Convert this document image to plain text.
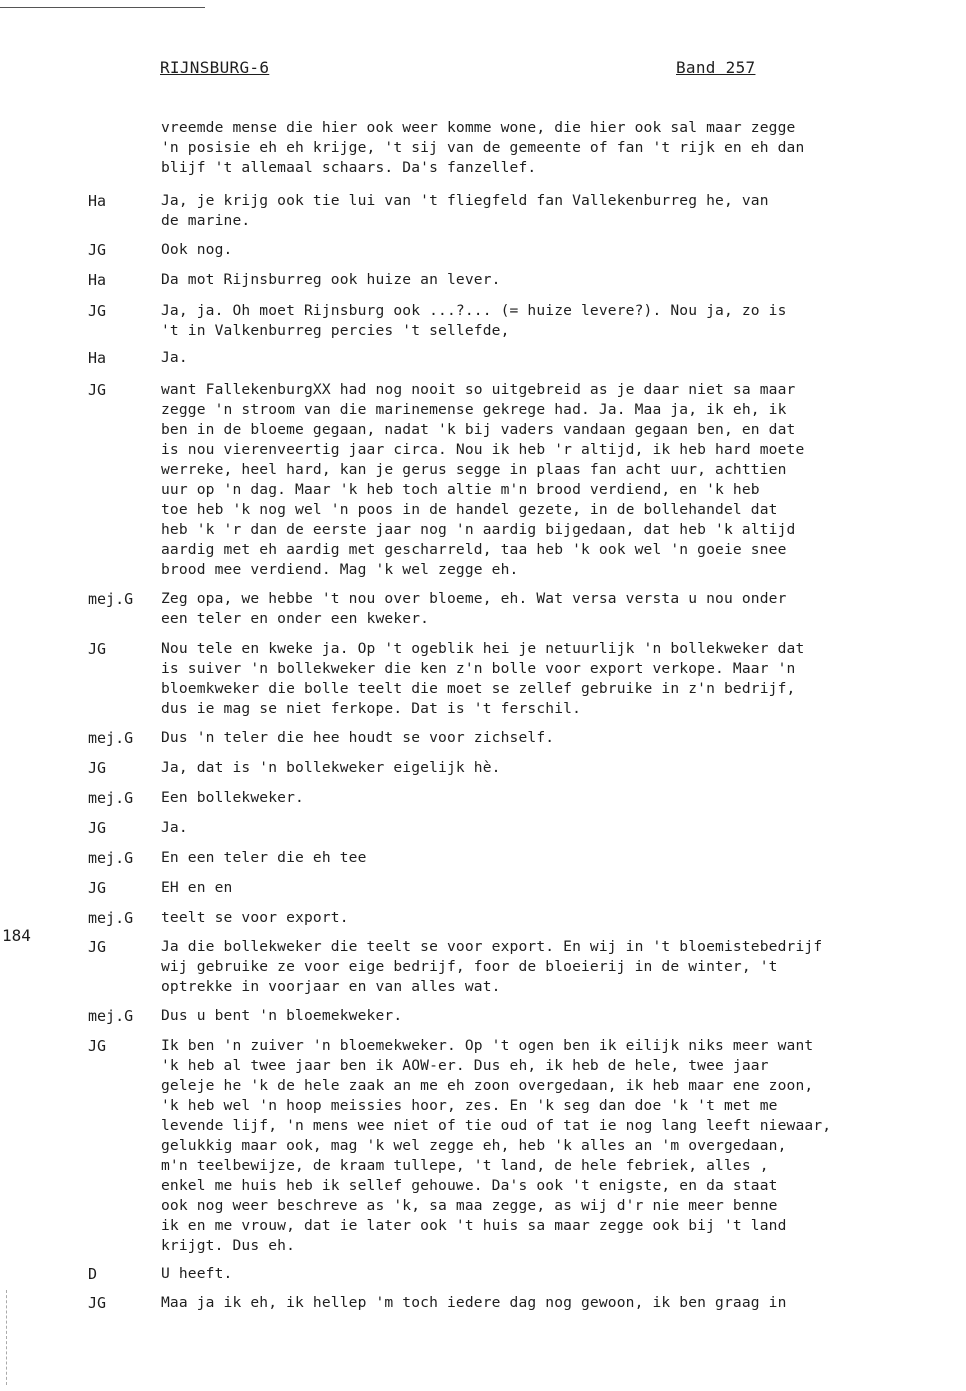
RIJNSBURG-6	Band 257
184
vreemde mense die hier ook weer komme wone, die hier ook sal maar zegge
'n posisie eh eh krijge, 't sij van de gemeente of fan 't rijk en eh dan
blijf 't allemaal schaars. Da's fanzellef.
Ha	Ja, je krijg ook tie lui van 't fliegfeld fan Vallekenburreg he, van
de marine.
JG	Ook nog.
Ha	Da mot Rijnsburreg ook huize an lever.
JG	Ja, ja. Oh moet Rijnsburg ook ...?... (= huize levere?). Nou ja, zo is
't in Valkenburreg percies 't sellefde,
Ha	Ja.
JG	want FallekenburgXX had nog nooit so uitgebreid as je daar niet sa maar
zegge 'n stroom van die marinemense gekrege had. Ja. Maa ja, ik eh, ik
ben in de bloeme gegaan, nadat 'k bij vaders vandaan gegaan ben, en dat
is nou vierenveertig jaar circa. Nou ik heb 'r altijd, ik heb hard moete
werreke, heel hard, kan je gerus segge in plaas fan acht uur, achttien
uur op 'n dag. Maar 'k heb toch altie m'n brood verdiend, en 'k heb
toe heb 'k nog wel 'n poos in de handel gezete, in de bollehandel dat
heb 'k 'r dan de eerste jaar nog 'n aardig bijgedaan, dat heb 'k altijd
aardig met eh aardig met gescharreld, taa heb 'k ook wel 'n goeie snee
brood mee verdiend. Mag 'k wel zegge eh.
mej.G Zeg opa, we hebbe 't nou over bloeme, eh. Wat versa versta u nou onder
een teler en onder een kweker.
JG	Nou tele en kweke ja. Op 't ogeblik hei je netuurlijk 'n bollekweker dat
is suiver 'n bollekweker die ken z'n bolle voor export verkope. Maar 'n
bloemkweker die bolle teelt die moet se zellef gebruike in z'n bedrijf,
dus ie mag se niet ferkope. Dat is 't ferschil.
mej.G Dus 'n teler die hee houdt se voor zichself.
JG	Ja, dat is 'n bollekweker eigelijk hè.
mej.G Een bollekweker.
JG	Ja.
mej.G En een teler die eh tee
JG	EH en en
mej.G teelt se voor export.
JG	Ja die bollekweker die teelt se voor export. En wij in 't bloemistebedrijf
wij gebruike ze voor eige bedrijf, foor de bloeierij in de winter, 't
optrekke in voorjaar en van alles wat.
mej.G Dus u bent 'n bloemekweker.
JG	Ik ben 'n zuiver 'n bloemekweker. Op 't ogen ben ik eilijk niks meer want
'k heb al twee jaar ben ik AOW-er. Dus eh, ik heb de hele, twee jaar
geleje he 'k de hele zaak an me eh zoon overgedaan, ik heb maar ene zoon,
'k heb wel 'n hoop meissies hoor, zes. En 'k seg dan doe 'k 't met me
levende lijf, 'n mens wee niet of tie oud of tat ie nog lang leeft niewaar,
gelukkig maar ook, mag 'k wel zegge eh, heb 'k alles an 'm overgedaan,
m'n teelbewijze, de kraam tullepe, 't land, de hele febriek, alles ,
enkel me huis heb ik sellef gehouwe. Da's ook 't enigste, en da staat
ook nog weer beschreve as 'k, sa maa zegge, as wij d'r nie meer benne
ik en me vrouw, dat ie later ook 't huis sa maar zegge ook bij 't land
krijgt. Dus eh.
D	U heeft.
JG	Maa ja ik eh, ik hellep 'm toch iedere dag nog gewoon, ik ben graag in
